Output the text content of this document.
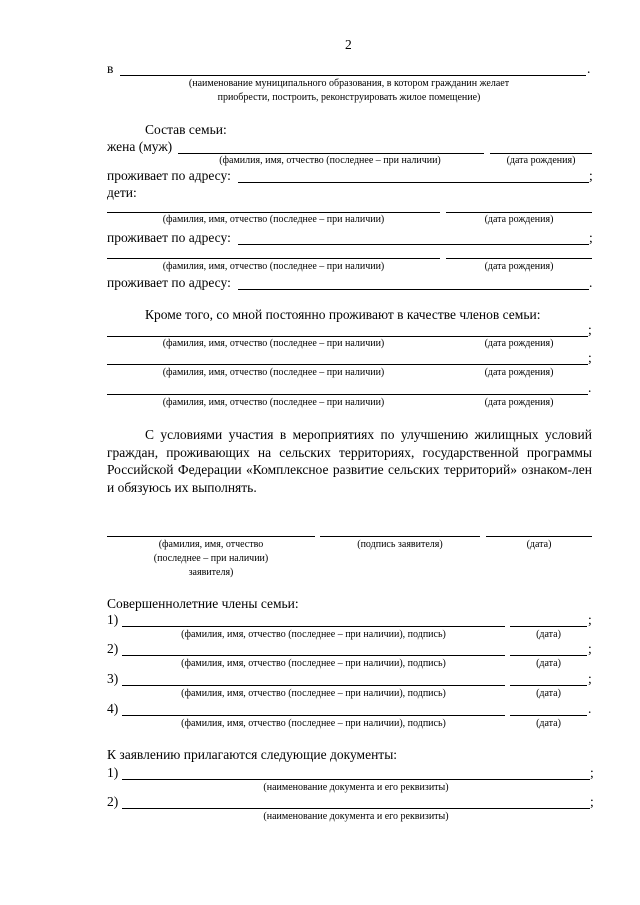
2
в	.
(наименование муниципального образования, в котором гражданин желает
приобрести, построить, реконструировать жилое помещение)
Состав семьи:
жена (муж)
(фамилия, имя, отчество (последнее – при наличии)	(дата рождения)
проживает по адресу:	;
дети:
(фамилия, имя, отчество (последнее – при наличии)	(дата рождения)
проживает по адресу:	;
(фамилия, имя, отчество (последнее – при наличии)	(дата рождения)
проживает по адресу:	.
Кроме того, со мной постоянно проживают в качестве членов семьи:
;
(фамилия, имя, отчество (последнее – при наличии)	(дата рождения)
;
(фамилия, имя, отчество (последнее – при наличии)	(дата рождения)
.
(фамилия, имя, отчество (последнее – при наличии)	(дата рождения)
С условиями участия в мероприятиях по улучшению жилищных условий граждан, проживающих на сельских территориях, государственной программы Российской Федерации «Комплексное развитие сельских территорий» ознаком-лен и обязуюсь их выполнять.
(фамилия, имя, отчество
(последнее – при наличии)
заявителя)
(подпись заявителя)	(дата)
Совершеннолетние члены семьи:
1)	;
(фамилия, имя, отчество (последнее – при наличии), подпись)	(дата)
2)	;
(фамилия, имя, отчество (последнее – при наличии), подпись)	(дата)
3)	;
(фамилия, имя, отчество (последнее – при наличии), подпись)	(дата)
4)	.
(фамилия, имя, отчество (последнее – при наличии), подпись)	(дата)
К заявлению прилагаются следующие документы:
1)	;
(наименование документа и его реквизиты)
2)	;
(наименование документа и его реквизиты)
